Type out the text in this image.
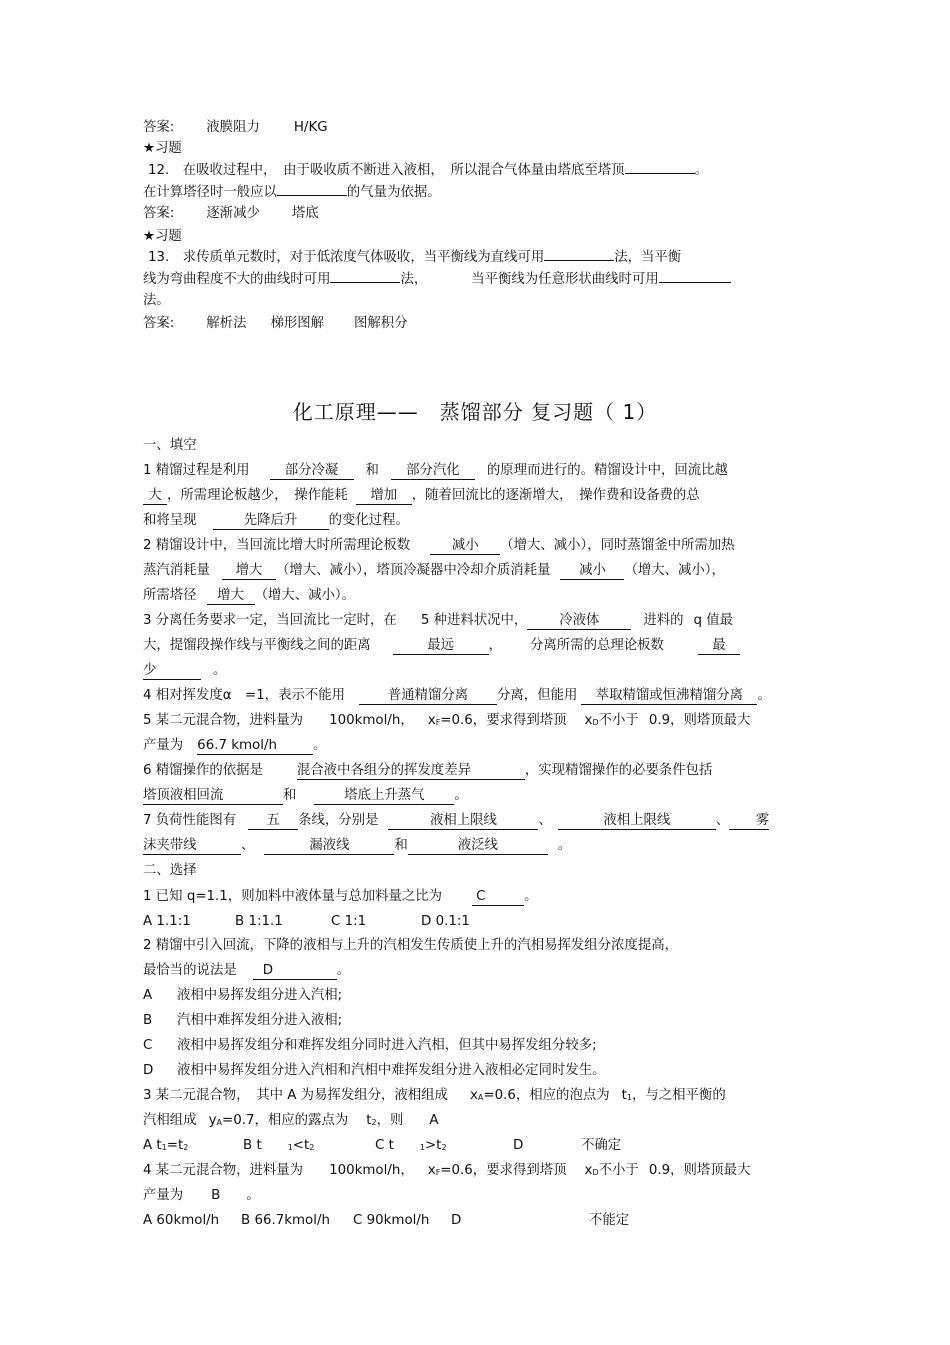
答案: 液膜阻力	H/KG
★习题
12.　在吸收过程中，　由于吸收质不断进入液相，　所以混合气体量由塔底至塔顶	。
在计算塔径时一般应以	的气量为依据。
答案: 逐渐减少 塔底
★习题
13.　求传质单元数时，对于低浓度气体吸收，当平衡线为直线可用	法，当平衡
线为弯曲程度不大的曲线时可用	法，	当平衡线为任意形状曲线时可用
法。
答案: 解析法 梯形图解 图解积分
化工原理——　蒸馏部分 复习题（ 1）
一、填空
1 精馏过程是利用	部分冷凝 和 部分汽化 的原理而进行的。精馏设计中，回流比越
大 ，所需理论板越少，　操作能耗 增加 ，随着回流比的逐渐增大，　操作费和设备费的总
和将呈现	先降后升 的变化过程。
2 精馏设计中，当回流比增大时所需理论板数	减小 （增大、减小），同时蒸馏釜中所需加热
蒸汽消耗量 增大 （增大、减小），塔顶冷凝器中冷却介质消耗量 减小 （增大、减小），
所需塔径 增大 （增大、减小）。
3 分离任务要求一定，当回流比一定时，在 5 种进料状况中， 冷液体	进料的 q 值最
大，提馏段操作线与平衡线之间的距离	最远	， 分离所需的总理论板数	最
少	。
4 相对挥发度α　=1，表示不能用	普通精馏分离 分离，但能用 萃取精馏或恒沸精馏分离 。
5 某二元混合物，进料量为 100kmol/h， $x_F=0.6$，要求得到塔顶 $x_D$不小于 0.9，则塔顶最大
产量为 66.7 kmol/h	。
6 精馏操作的依据是	混合液中各组分的挥发度差异	，实现精馏操作的必要条件包括
塔顶液相回流	和	塔底上升蒸气 。
7 负荷性能图有 五 条线，分别是	液相上限线	、	液相上限线	、 雾
沫夹带线	、	漏液线	和	液泛线	。
二、选择
1 已知 q=1.1，则加料中液体量与总加料量之比为	C	。
A 1.1:1	B 1:1.1	C 1:1	D 0.1:1
2 精馏中引入回流，下降的液相与上升的汽相发生传质使上升的汽相易挥发组分浓度提高，
最恰当的说法是 D	。
A 液相中易挥发组分进入汽相;
B 汽相中难挥发组分进入液相;
C 液相中易挥发组分和难挥发组分同时进入汽相，但其中易挥发组分较多;
D 液相中易挥发组分进入汽相和汽相中难挥发组分进入液相必定同时发生。
3 某二元混合物，　其中 A 为易挥发组分，液相组成 $x_A=0.6$，相应的泡点为 $t_1$，与之相平衡的
汽相组成 $y_A=0.7$，相应的露点为 $t_2$，则 A
A $t_1=t_2$	B t	$_1<t_2$	C t	$_1>t_2$	D	不确定
4 某二元混合物，进料量为 100kmol/h， $x_F=0.6$，要求得到塔顶 $x_D$不小于 0.9，则塔顶最大
产量为 B 。
A 60kmol/h B 66.7kmol/h C 90kmol/h D	不能定
